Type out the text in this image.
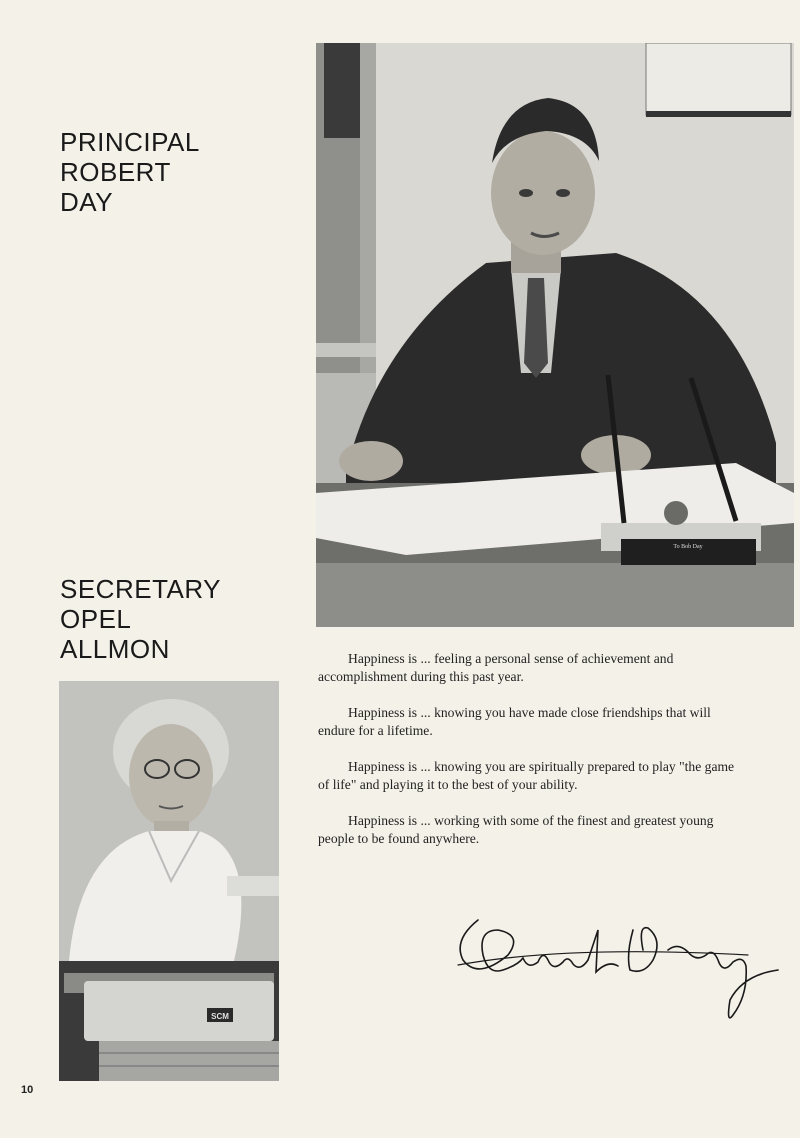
PRINCIPAL
ROBERT
DAY
To Bob Day
SECRETARY
OPEL
ALLMON
SCM

Happiness is ... feeling a personal sense of achievement and accomplishment during this past year.

Happiness is ... knowing you have made close friendships that will endure for a lifetime.

Happiness is ... knowing you are spiritually prepared to play "the game of life" and playing it to the best of your ability.

Happiness is ... working with some of the finest and greatest young people to be found anywhere.

10
